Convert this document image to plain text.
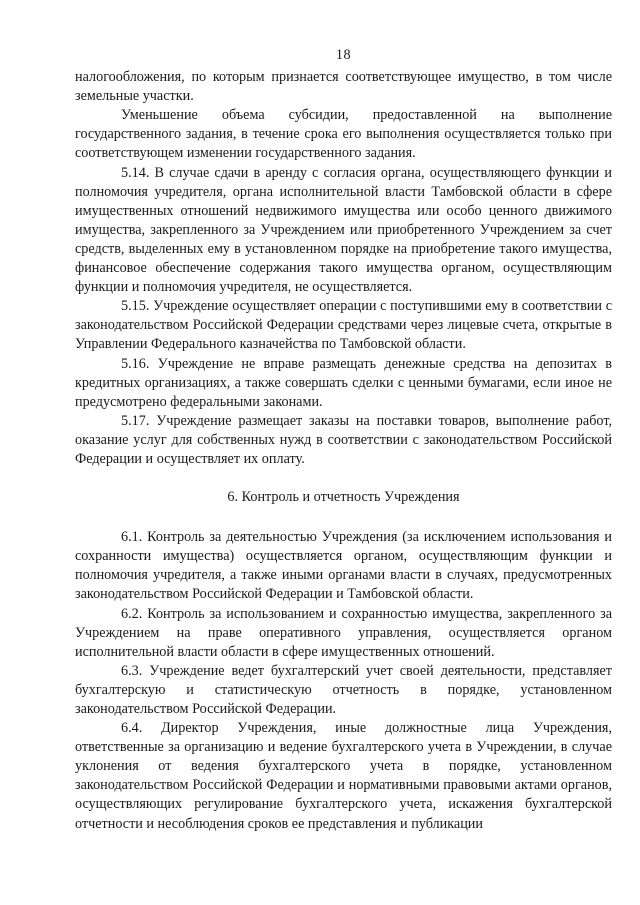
18

налогообложения, по которым признается соответствующее имущество, в том числе земельные участки.

Уменьшение объема субсидии, предоставленной на выполнение государственного задания, в течение срока его выполнения осуществляется только при соответствующем изменении государственного задания.

5.14. В случае сдачи в аренду с согласия органа, осуществляющего функции и полномочия учредителя, органа исполнительной власти Тамбовской области в сфере имущественных отношений недвижимого имущества или особо ценного движимого имущества, закрепленного за Учреждением или приобретенного Учреждением за счет средств, выделенных ему в установленном порядке на приобретение такого имущества, финансовое обеспечение содержания такого имущества органом, осуществляющим функции и полномочия учредителя, не осуществляется.

5.15. Учреждение осуществляет операции с поступившими ему в соответствии с законодательством Российской Федерации средствами через лицевые счета, открытые в Управлении Федерального казначейства по Тамбовской области.

5.16. Учреждение не вправе размещать денежные средства на депозитах в кредитных организациях, а также совершать сделки с ценными бумагами, если иное не предусмотрено федеральными законами.

5.17. Учреждение размещает заказы на поставки товаров, выполнение работ, оказание услуг для собственных нужд в соответствии с законодательством Российской Федерации и осуществляет их оплату.

6. Контроль и отчетность Учреждения

6.1. Контроль за деятельностью Учреждения (за исключением использования и сохранности имущества) осуществляется органом, осуществляющим функции и полномочия учредителя, а также иными органами власти в случаях, предусмотренных законодательством Российской Федерации и Тамбовской области.

6.2. Контроль за использованием и сохранностью имущества, закрепленного за Учреждением на праве оперативного управления, осуществляется органом исполнительной власти области в сфере имущественных отношений.

6.3. Учреждение ведет бухгалтерский учет своей деятельности, представляет бухгалтерскую и статистическую отчетность в порядке, установленном законодательством Российской Федерации.

6.4. Директор Учреждения, иные должностные лица Учреждения, ответственные за организацию и ведение бухгалтерского учета в Учреждении, в случае уклонения от ведения бухгалтерского учета в порядке, установленном законодательством Российской Федерации и нормативными правовыми актами органов, осуществляющих регулирование бухгалтерского учета, искажения бухгалтерской отчетности и несоблюдения сроков ее представления и публикации
